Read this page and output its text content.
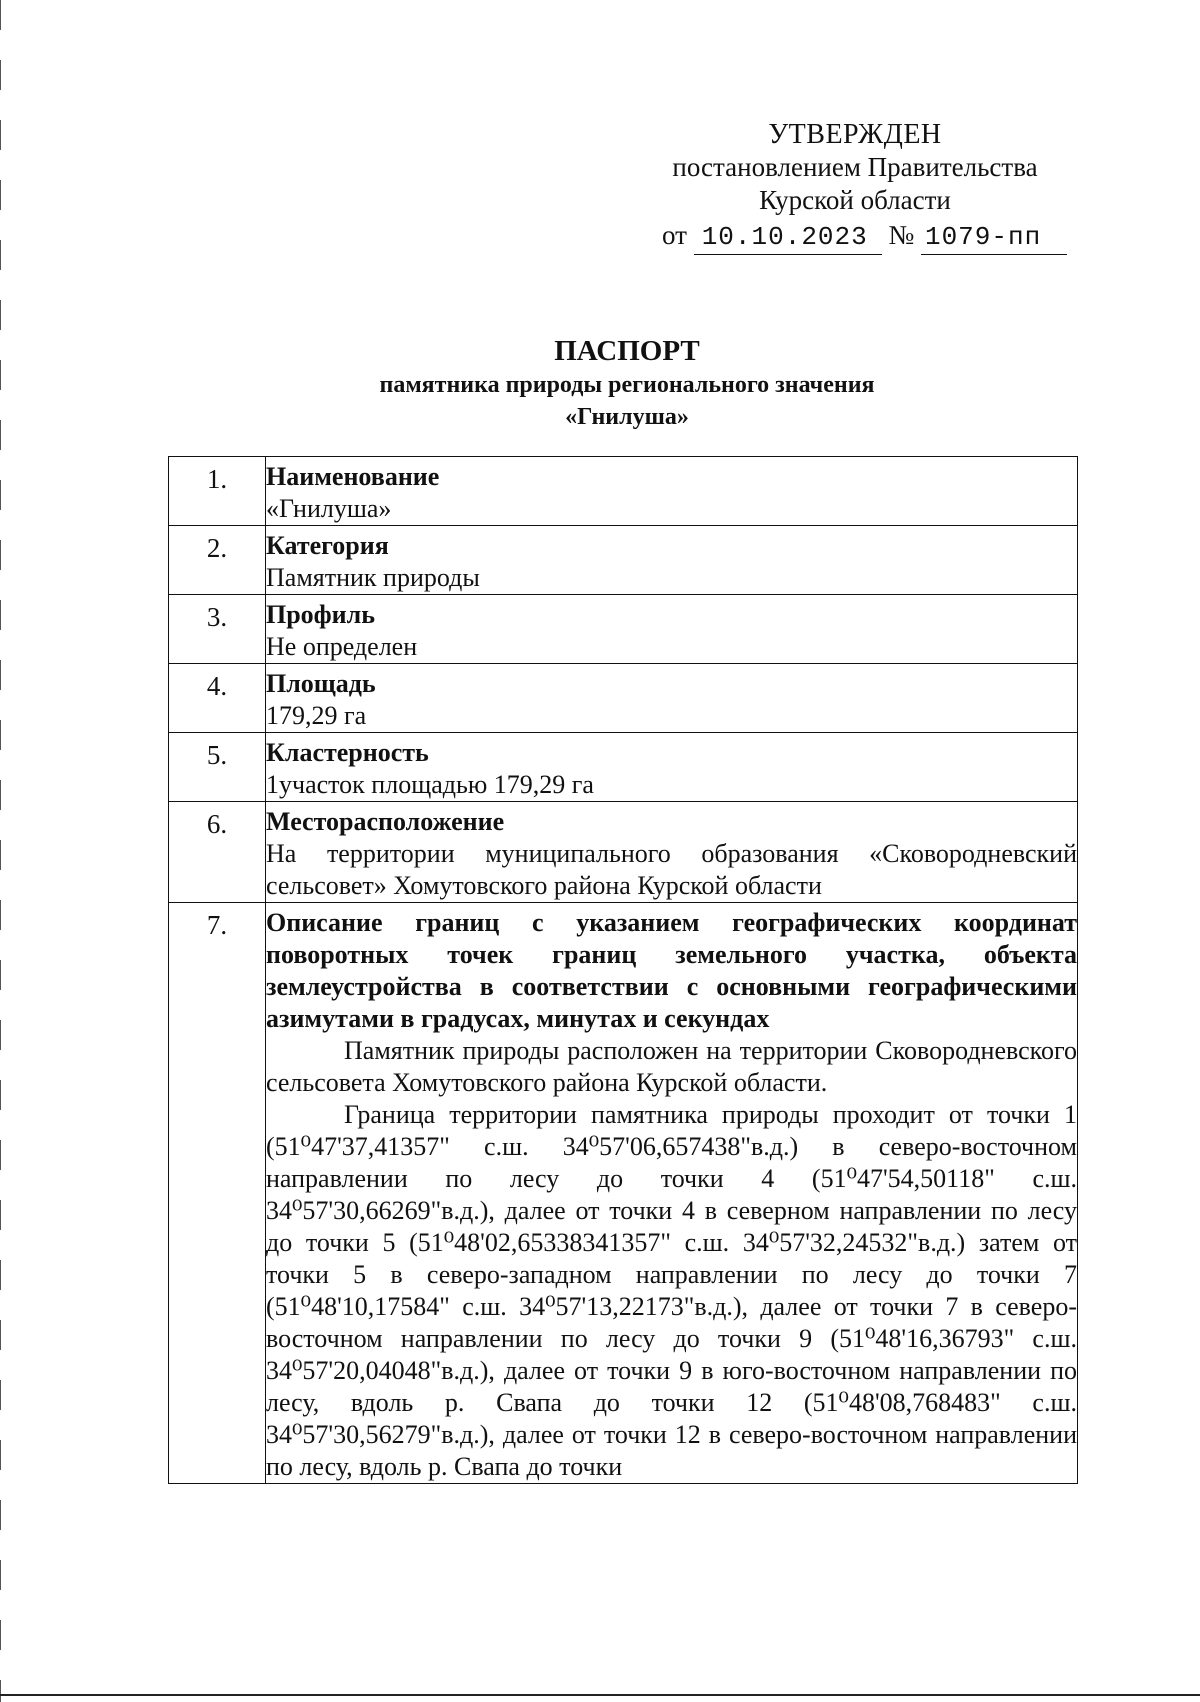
УТВЕРЖДЕН
постановлением Правительства
Курской области
от 10.10.2023 № 1079-пп
ПАСПОРТ
памятника природы регионального значения
«Гнилуша»
1.	Наименование
«Гнилуша»

2.	Категория
Памятник природы

3.	Профиль
Не определен

4.	Площадь
179,29 га

5.	Кластерность
1участок площадью 179,29 га

6.	Месторасположение
На территории муниципального образования «Сковородневский сельсовет» Хомутовского района Курской области

7.	Описание границ с указанием географических координат поворотных точек границ земельного участка, объекта землеустройства в соответствии с основными географическими азимутами в градусах, минутах и секундах
Памятник природы расположен на территории Сковородневского сельсовета Хомутовского района Курской области.
Граница территории памятника природы проходит от точки 1 (51⁰47'37,41357" с.ш. 34⁰57'06,657438"в.д.) в северо-восточном направлении по лесу до точки 4 (51⁰47'54,50118" с.ш. 34⁰57'30,66269"в.д.), далее от точки 4 в северном направлении по лесу до точки 5 (51⁰48'02,65338341357" с.ш. 34⁰57'32,24532"в.д.) затем от точки 5 в северо-западном направлении по лесу до точки 7 (51⁰48'10,17584" с.ш. 34⁰57'13,22173"в.д.), далее от точки 7 в северо-восточном направлении по лесу до точки 9 (51⁰48'16,36793" с.ш. 34⁰57'20,04048"в.д.), далее от точки 9 в юго-восточном направлении по лесу, вдоль р. Свапа до точки 12 (51⁰48'08,768483" с.ш. 34⁰57'30,56279"в.д.), далее от точки 12 в северо-восточном направлении по лесу, вдоль р. Свапа до точки
